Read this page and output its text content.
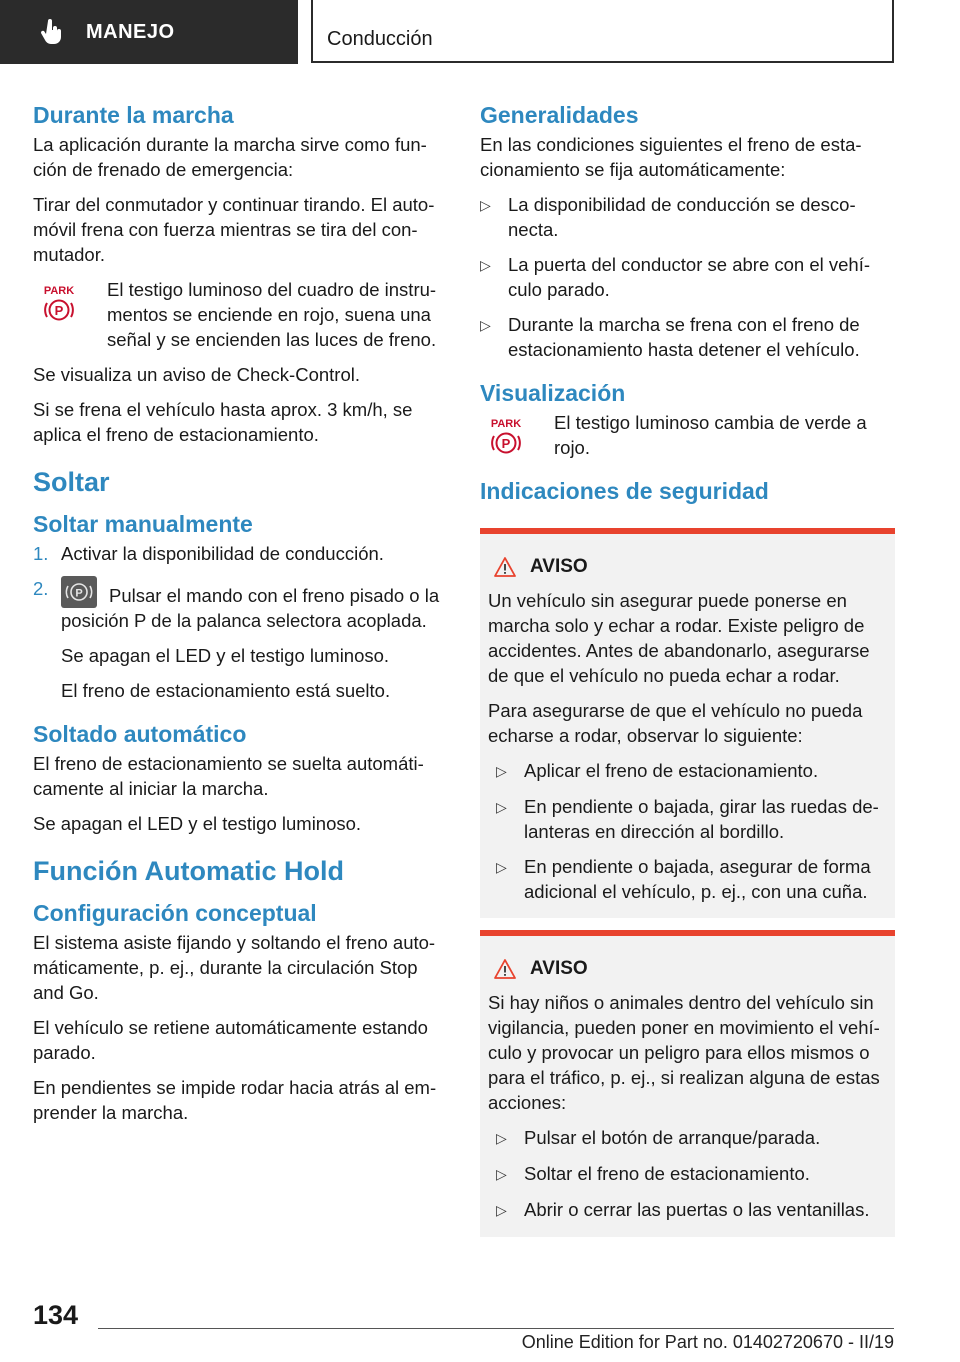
MANEJO	Conducción
Durante la marcha

La aplicación durante la marcha sirve como fun-ción de frenado de emergencia:

Tirar del conmutador y continuar tirando. El auto-móvil frena con fuerza mientras se tira del con-mutador.

PARK
P

El testigo luminoso del cuadro de instru-mentos se enciende en rojo, suena una señal y se encienden las luces de freno.

Se visualiza un aviso de Check-Control.

Si se frena el vehículo hasta aprox. 3 km/h, se aplica el freno de estacionamiento.

Soltar
Soltar manualmente
1. Activar la disponibilidad de conducción.
2.	P Pulsar el mando con el freno pisado o la posición P de la palanca selectora acoplada.

Se apagan el LED y el testigo luminoso.

El freno de estacionamiento está suelto.

Soltado automático

El freno de estacionamiento se suelta automáti-camente al iniciar la marcha.

Se apagan el LED y el testigo luminoso.

Función Automatic Hold
Configuración conceptual

El sistema asiste fijando y soltando el freno auto-máticamente, p. ej., durante la circulación Stop and Go.

El vehículo se retiene automáticamente estando parado.

En pendientes se impide rodar hacia atrás al em-prender la marcha.

Generalidades

En las condiciones siguientes el freno de esta-cionamiento se fija automáticamente:

▷ La disponibilidad de conducción se desco-necta.
▷ La puerta del conductor se abre con el vehí-culo parado.
▷ Durante la marcha se frena con el freno de estacionamiento hasta detener el vehículo.
Visualización
PARK
P

El testigo luminoso cambia de verde a rojo.

Indicaciones de seguridad
AVISO

Un vehículo sin asegurar puede ponerse en marcha solo y echar a rodar. Existe peligro de accidentes. Antes de abandonarlo, asegurarse de que el vehículo no pueda echar a rodar.

Para asegurarse de que el vehículo no pueda echarse a rodar, observar lo siguiente:

▷ Aplicar el freno de estacionamiento.
▷ En pendiente o bajada, girar las ruedas de-lanteras en dirección al bordillo.
▷ En pendiente o bajada, asegurar de forma adicional el vehículo, p. ej., con una cuña.
AVISO

Si hay niños o animales dentro del vehículo sin vigilancia, pueden poner en movimiento el vehí-culo y provocar un peligro para ellos mismos o para el tráfico, p. ej., si realizan alguna de estas acciones:

▷ Pulsar el botón de arranque/parada.
▷ Soltar el freno de estacionamiento.
▷ Abrir o cerrar las puertas o las ventanillas.
134
Online Edition for Part no. 01402720670 - II/19
